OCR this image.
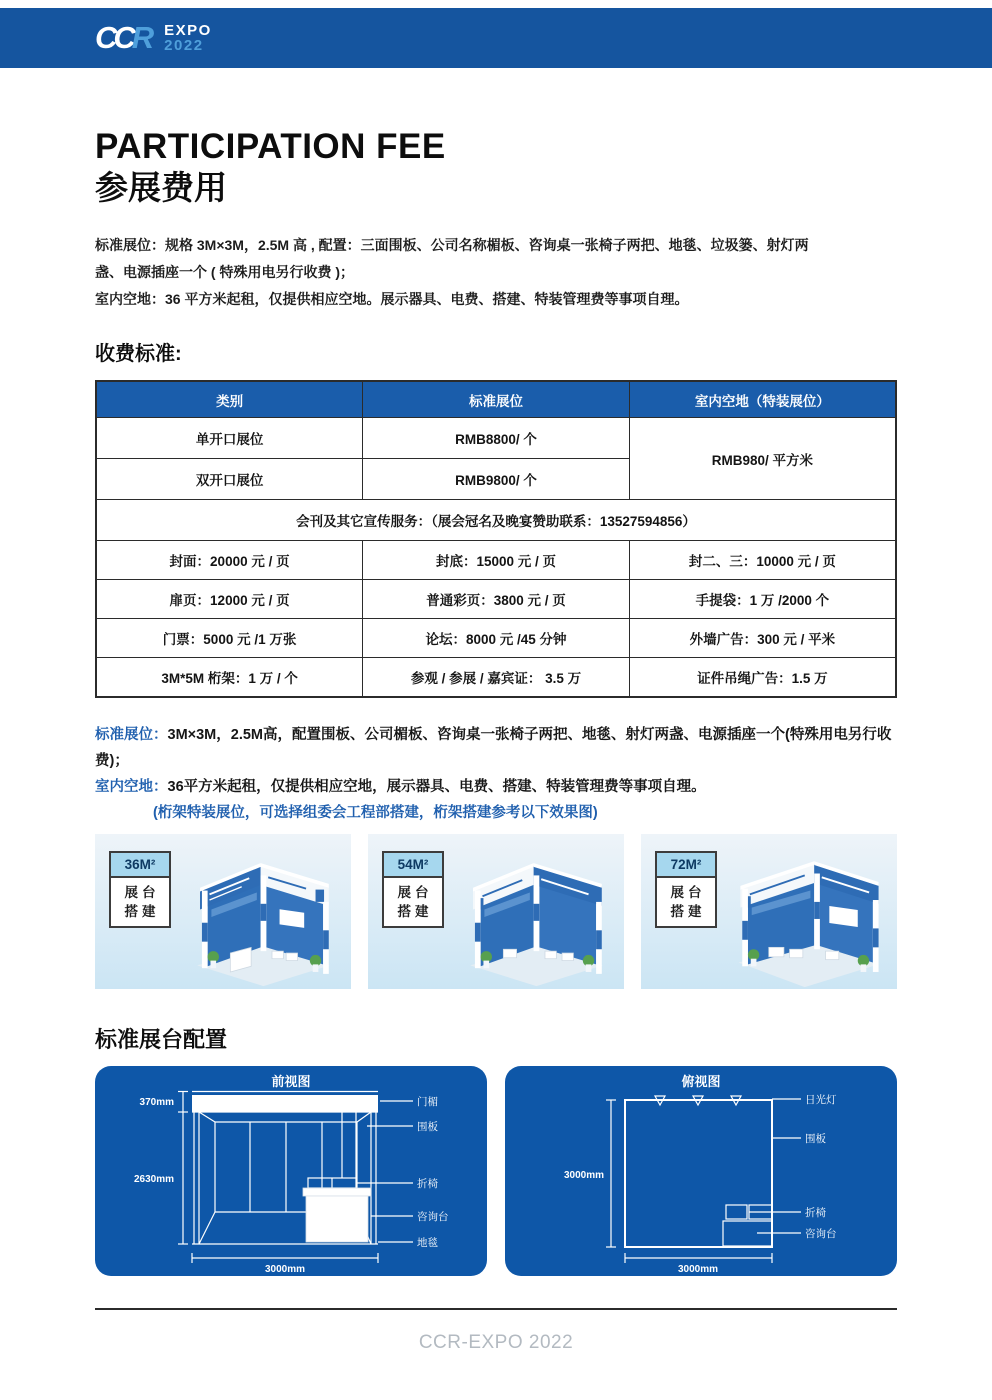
CCR EXPO
2022
PARTICIPATION FEE
参展费用
标准展位：规格 3M×3M，2.5M 高 , 配置：三面围板、公司名称楣板、咨询桌一张椅子两把、地毯、垃圾篓、射灯两
盏、电源插座一个 ( 特殊用电另行收费 )；
室内空地：36 平方米起租，仅提供相应空地。展示器具、电费、搭建、特装管理费等事项自理。
收费标准:
类别	标准展位	室内空地（特装展位）
单开口展位	RMB8800/ 个	RMB980/ 平方米
双开口展位	RMB9800/ 个	
会刊及其它宣传服务：（展会冠名及晚宴赞助联系：13527594856）		
封面：20000 元 / 页	封底：15000 元 / 页	封二、三：10000 元 / 页
扉页：12000 元 / 页	普通彩页：3800 元 / 页	手提袋：1 万 /2000 个
门票：5000 元 /1 万张	论坛：8000 元 /45 分钟	外墙广告：300 元 / 平米
3M*5M 桁架：1 万 / 个	参观 / 参展 / 嘉宾证： 3.5 万	证件吊绳广告：1.5 万
标准展位：3M×3M，2.5M高，配置围板、公司楣板、咨询桌一张椅子两把、地毯、射灯两盏、电源插座一个(特殊用电另行收费)；
室内空地：36平方米起租，仅提供相应空地，展示器具、电费、搭建、特装管理费等事项自理。
(桁架特装展位，可选择组委会工程部搭建，桁架搭建参考以下效果图)
36M²
展台
搭建
54M²
展台
搭建
72M²
展台
搭建
标准展台配置
前视图
公司名称	展位号
370mm
2630mm
3000mm
门楣
围板
折椅
咨询台
地毯
俯视图
3000mm
3000mm
日光灯
围板
折椅
咨询台
CCR-EXPO 2022
